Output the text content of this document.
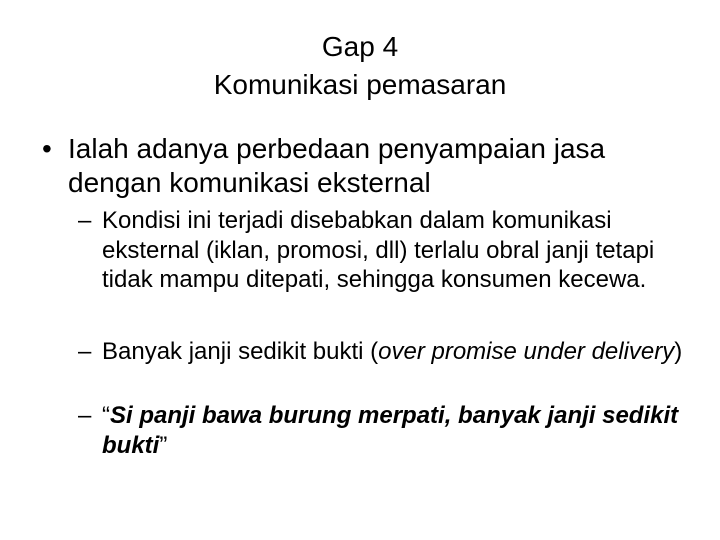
Gap 4
Komunikasi pemasaran
• Ialah adanya perbedaan penyampaian jasa dengan komunikasi eksternal
– Kondisi ini terjadi disebabkan dalam komunikasi eksternal (iklan, promosi, dll) terlalu obral janji tetapi tidak mampu ditepati, sehingga konsumen kecewa.
– Banyak janji sedikit bukti (over promise under delivery)
– “Si panji bawa burung merpati, banyak janji sedikit bukti”
